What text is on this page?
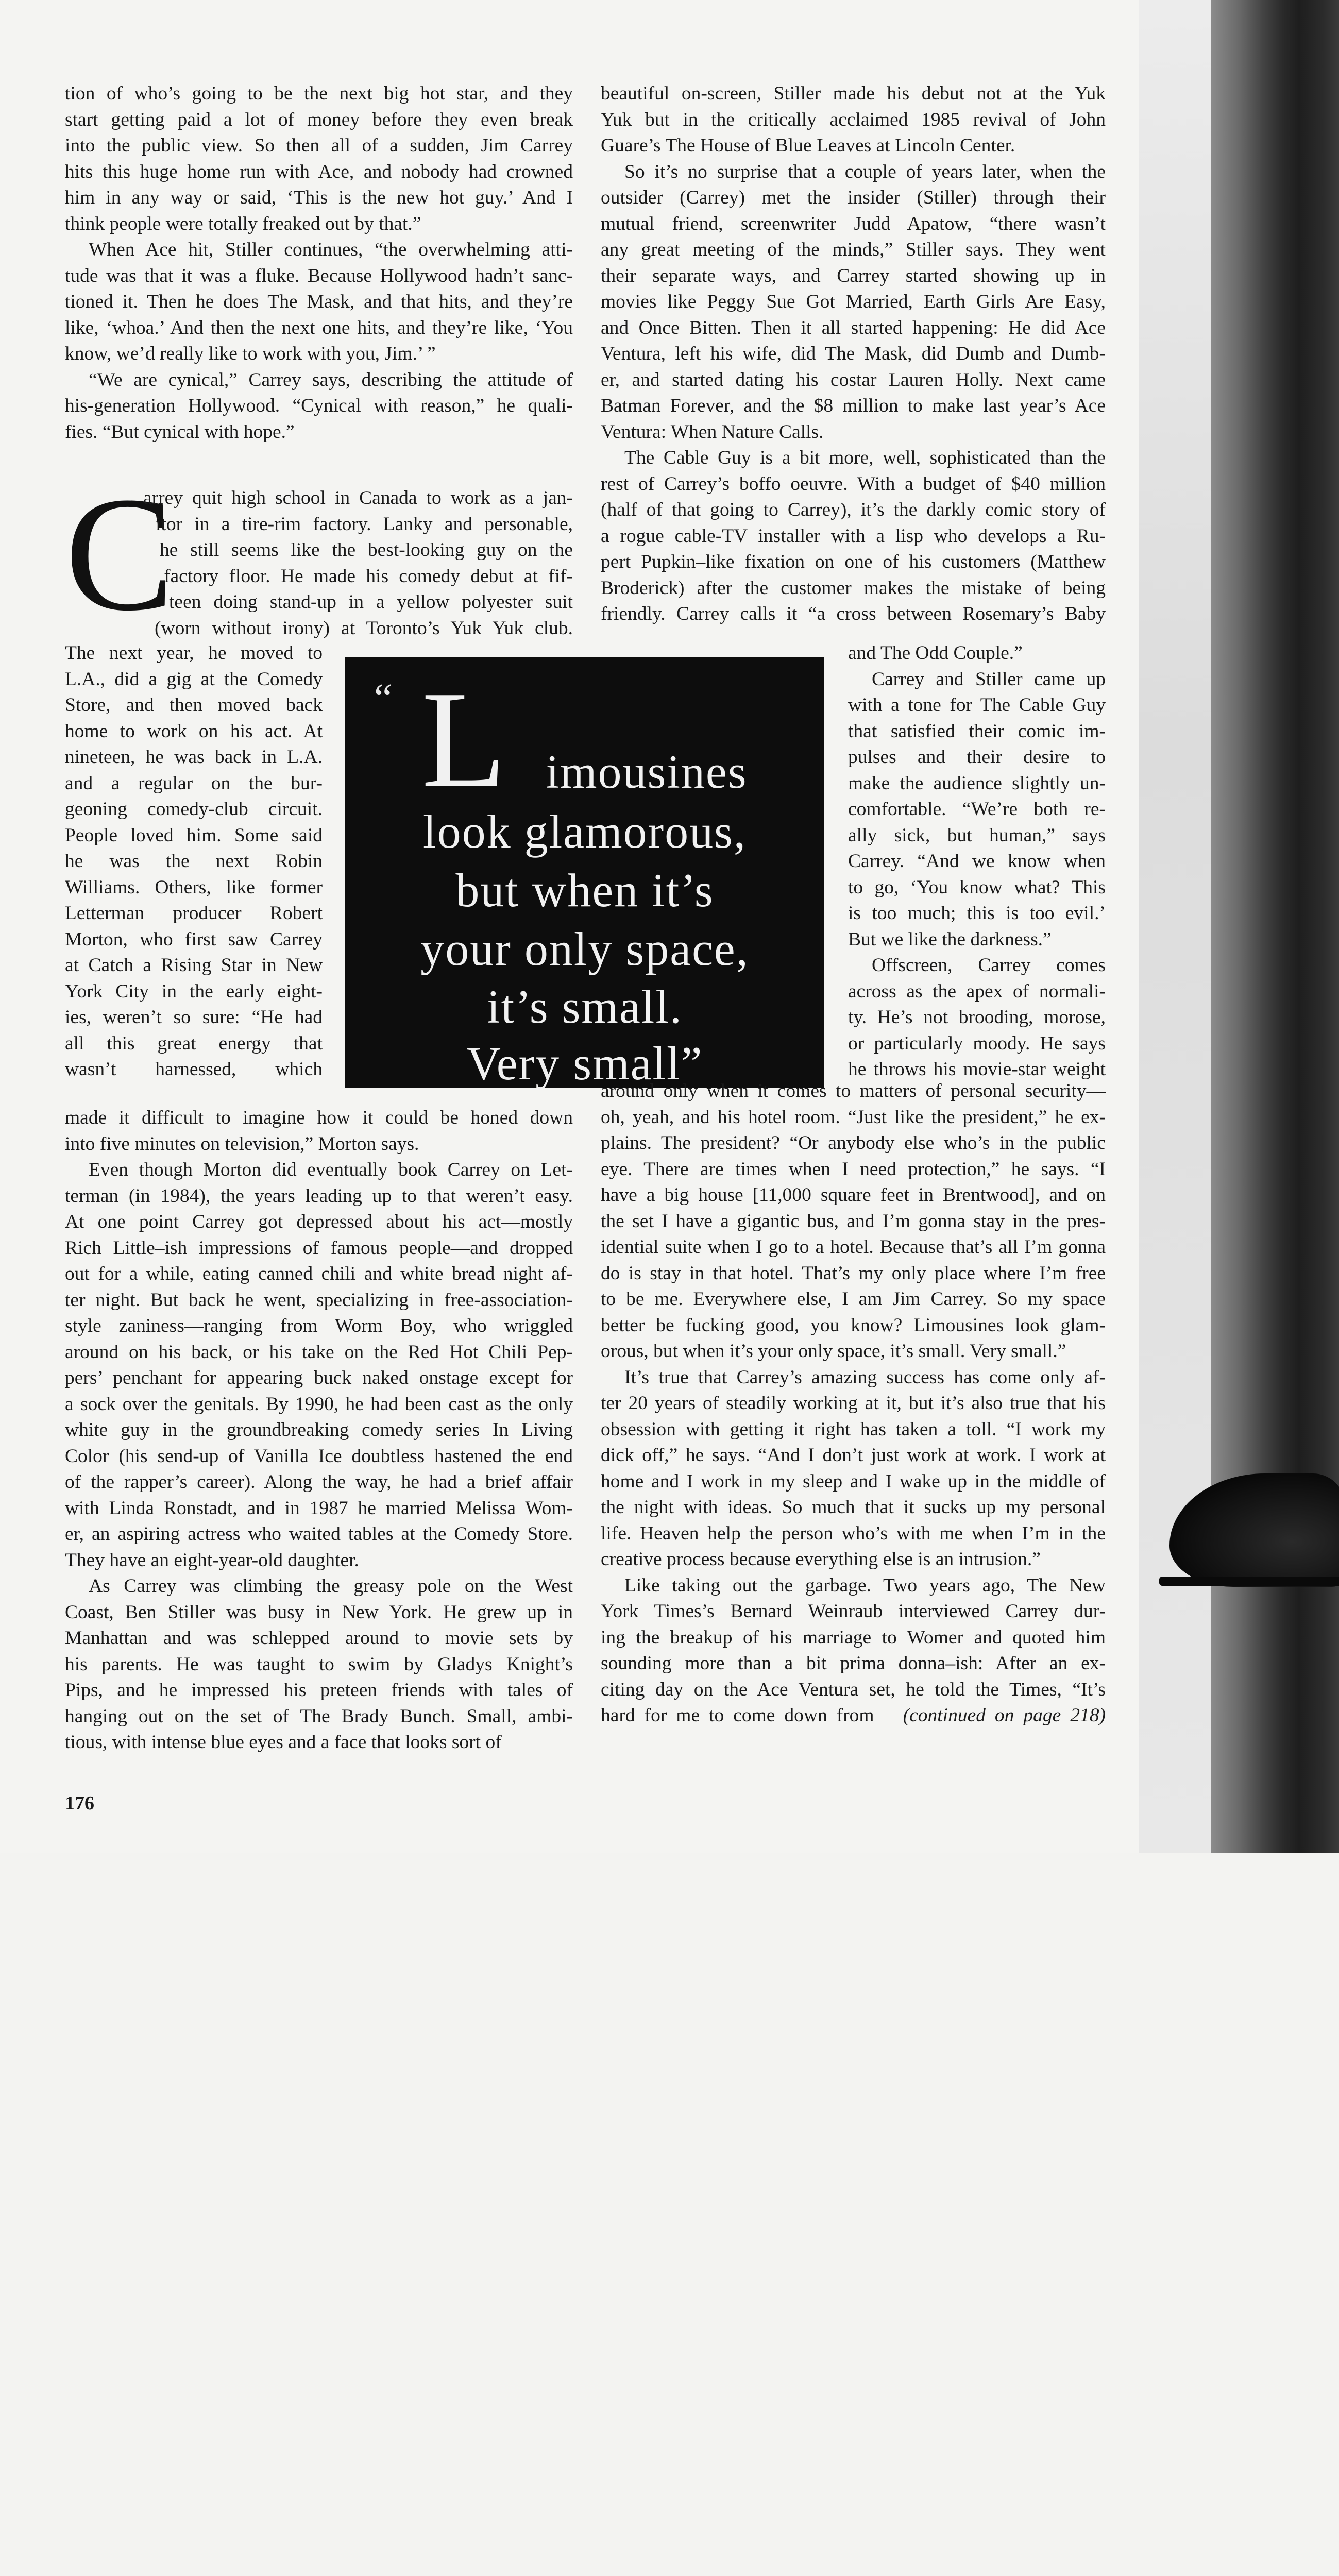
tion of who’s going to be the next big hot star, and they
start getting paid a lot of money before they even break
into the public view. So then all of a sudden, Jim Carrey
hits this huge home run with Ace, and nobody had crowned
him in any way or said, ‘This is the new hot guy.’ And I
think people were totally freaked out by that.”
When Ace hit, Stiller continues, “the overwhelming atti-
tude was that it was a fluke. Because Hollywood hadn’t sanc-
tioned it. Then he does The Mask, and that hits, and they’re
like, ‘whoa.’ And then the next one hits, and they’re like, ‘You
know, we’d really like to work with you, Jim.’ ”
“We are cynical,” Carrey says, describing the attitude of
his-generation Hollywood. “Cynical with reason,” he quali-
fies. “But cynical with hope.”
C
arrey quit high school in Canada to work as a jan-
itor in a tire-rim factory. Lanky and personable,
he still seems like the best-looking guy on the
factory floor. He made his comedy debut at fif-
teen doing stand-up in a yellow polyester suit
(worn without irony) at Toronto’s Yuk Yuk club.
The next year, he moved to
L.A., did a gig at the Comedy
Store, and then moved back
home to work on his act. At
nineteen, he was back in L.A.
and a regular on the bur-
geoning comedy-club circuit.
People loved him. Some said
he was the next Robin
Williams. Others, like former
Letterman producer Robert
Morton, who first saw Carrey
at Catch a Rising Star in New
York City in the early eight-
ies, weren’t so sure: “He had
all this great energy that
wasn’t harnessed, which
“ L imousines
look glamorous,
but when it’s
your only space,
it’s small.
Very small”
made it difficult to imagine how it could be honed down
into five minutes on television,” Morton says.
Even though Morton did eventually book Carrey on Let-
terman (in 1984), the years leading up to that weren’t easy.
At one point Carrey got depressed about his act—mostly
Rich Little–ish impressions of famous people—and dropped
out for a while, eating canned chili and white bread night af-
ter night. But back he went, specializing in free-association-
style zaniness—ranging from Worm Boy, who wriggled
around on his back, or his take on the Red Hot Chili Pep-
pers’ penchant for appearing buck naked onstage except for
a sock over the genitals. By 1990, he had been cast as the only
white guy in the groundbreaking comedy series In Living
Color (his send-up of Vanilla Ice doubtless hastened the end
of the rapper’s career). Along the way, he had a brief affair
with Linda Ronstadt, and in 1987 he married Melissa Wom-
er, an aspiring actress who waited tables at the Comedy Store.
They have an eight-year-old daughter.
As Carrey was climbing the greasy pole on the West
Coast, Ben Stiller was busy in New York. He grew up in
Manhattan and was schlepped around to movie sets by
his parents. He was taught to swim by Gladys Knight’s
Pips, and he impressed his preteen friends with tales of
hanging out on the set of The Brady Bunch. Small, ambi-
tious, with intense blue eyes and a face that looks sort of
beautiful on-screen, Stiller made his debut not at the Yuk
Yuk but in the critically acclaimed 1985 revival of John
Guare’s The House of Blue Leaves at Lincoln Center.
So it’s no surprise that a couple of years later, when the
outsider (Carrey) met the insider (Stiller) through their
mutual friend, screenwriter Judd Apatow, “there wasn’t
any great meeting of the minds,” Stiller says. They went
their separate ways, and Carrey started showing up in
movies like Peggy Sue Got Married, Earth Girls Are Easy,
and Once Bitten. Then it all started happening: He did Ace
Ventura, left his wife, did The Mask, did Dumb and Dumb-
er, and started dating his costar Lauren Holly. Next came
Batman Forever, and the $8 million to make last year’s Ace
Ventura: When Nature Calls.
The Cable Guy is a bit more, well, sophisticated than the
rest of Carrey’s boffo oeuvre. With a budget of $40 million
(half of that going to Carrey), it’s the darkly comic story of
a rogue cable-TV installer with a lisp who develops a Ru-
pert Pupkin–like fixation on one of his customers (Matthew
Broderick) after the customer makes the mistake of being
friendly. Carrey calls it “a cross between Rosemary’s Baby
and The Odd Couple.”
Carrey and Stiller came up
with a tone for The Cable Guy
that satisfied their comic im-
pulses and their desire to
make the audience slightly un-
comfortable. “We’re both re-
ally sick, but human,” says
Carrey. “And we know when
to go, ‘You know what? This
is too much; this is too evil.’
But we like the darkness.”
Offscreen, Carrey comes
across as the apex of normali-
ty. He’s not brooding, morose,
or particularly moody. He says
he throws his movie-star weight
around only when it comes to matters of personal security—
oh, yeah, and his hotel room. “Just like the president,” he ex-
plains. The president? “Or anybody else who’s in the public
eye. There are times when I need protection,” he says. “I
have a big house [11,000 square feet in Brentwood], and on
the set I have a gigantic bus, and I’m gonna stay in the pres-
idential suite when I go to a hotel. Because that’s all I’m gonna
do is stay in that hotel. That’s my only place where I’m free
to be me. Everywhere else, I am Jim Carrey. So my space
better be fucking good, you know? Limousines look glam-
orous, but when it’s your only space, it’s small. Very small.”
It’s true that Carrey’s amazing success has come only af-
ter 20 years of steadily working at it, but it’s also true that his
obsession with getting it right has taken a toll. “I work my
dick off,” he says. “And I don’t just work at work. I work at
home and I work in my sleep and I wake up in the middle of
the night with ideas. So much that it sucks up my personal
life. Heaven help the person who’s with me when I’m in the
creative process because everything else is an intrusion.”
Like taking out the garbage. Two years ago, The New
York Times’s Bernard Weinraub interviewed Carrey dur-
ing the breakup of his marriage to Womer and quoted him
sounding more than a bit prima donna–ish: After an ex-
citing day on the Ace Ventura set, he told the Times, “It’s
hard for me to come down from (continued on page 218)
176
